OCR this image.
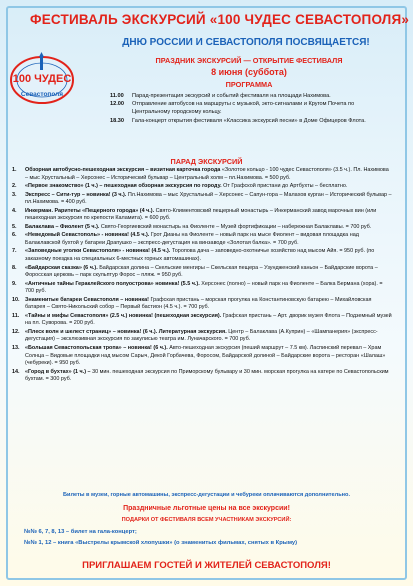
ФЕСТИВАЛЬ ЭКСКУРСИЙ «100 ЧУДЕС СЕВАСТОПОЛЯ»
ДНЮ РОССИИ И СЕВАСТОПОЛЯ ПОСВЯЩАЕТСЯ!
100 ЧУДЕС
Севастополя
ПРАЗДНИК ЭКСКУРСИЙ — ОТКРЫТИЕ ФЕСТИВАЛЯ
8 июня (суббота)
ПРОГРАММА
11.00	Парад-презентация экскурсий и событий фестиваля на площади Нахимова.
12.00	Отправление автобусов на маршруты с музыкой, экто-сигналами и Кругом Почета по Центральному городскому кольцу.
18.30	Гала-концерт открытия фестиваля «Классика экскурсий песни» в Доме Офицеров Флота.
ПАРАД ЭКСКУРСИЙ
1.	Обзорная автобусно-пешеходная экскурсия – визитная карточка города «Золотое кольцо - 100 чудес Севастополя» (3.5 ч.). Пл. Нахимова – мыс Хрустальный – Херсонес – Исторический бульвар – Центральный холм – пл.Нахимова. = 500 руб.
2.	«Первое знакомство» (1 ч.) – пешеходная обзорная экскурсия по городу. От Графской пристани до Артбухты – бесплатно.
3.	Экспресс – Сити-тур – новинка! (3 ч.). Пл.Нахимова – мыс Хрустальный – Херсонес – Сапун-гора – Малахов курган – Исторический бульвар – пл.Нахимова. = 400 руб.
4.	Инкерман. Раритеты «Пещерного города» (4 ч.). Свято-Климентовский пещерный монастырь – Инкерманский завод марочных вин (или пешеходная экскурсия по крепости Каламита). = 600 руб.
5.	Балаклава – Фиолент (5 ч.). Свято-Георгиевский монастырь на Фиоленте – Музей фортификации – набережная Балаклавы. = 700 руб.
6.	«Неведомый Севастополь» - новинка! (4.5 ч.). Грот Дианы на Фиоленте – новый парк на мысе Фиолент – видовая площадка над Балаклавской бухтой у батареи Драпушко – экспресс-дегустация на винзаводе «Золотая балка». = 700 руб.
7.	«Заповедные уголки Севастополя» - новинка! (4.5 ч.). Торопова дача – заповедно-охотничье хозяйство над мысом Айя. = 950 руб. (по заказному поездка на специальных 6-местных горных автомашинах).
8.	«Байдарская сказка» (6 ч.). Байдарская долина – Скельские менгиры – Скельская пещера – Узундженский каньон – Байдарские ворота – Форосская церковь – парк скульптур Форос – пляж. = 950 руб.
9.	«Античные тайны Гераклейского полуострова» новинка! (5.5 ч.). Херсонес (полно) – новый парк на Фиоленте – Балка Бермана (хора). = 700 руб.
10. Знаменитые батареи Севастополя – новинка! Графская пристань – морская прогулка на Константиновскую батарею – Михайловская батарея – Свято-Никольский собор – Первый бастион (4.5 ч.). = 700 руб.
11.	«Тайны и мифы Севастополя» (2.5 ч.) новинка! (пешеходная экскурсия). Графская пристань – Арт. дворик музея Флота – Подземный музей на пл. Суворова. = 200 руб.
12. «Плеск волн и шелест страниц» – новинка! (6 ч.). Литературная экскурсия. Центр – Балаклава (А.Куприн) – «Шампанерия» (экспресс-дегустация) – эксклюзивная экскурсия по закулисью театра им. Луначарского. = 700 руб.
13. «Большая Севастопольская тропа» – новинка! (6 ч.). Авто-пешеходная экскурсия (пеший маршрут – 7.5 км). Ласпинский перевал – Храм Солнца – Видовые площадки над мысом Сарыч, Декой Горбачева, Форосом, Байдарской долиной – Байдарские ворота – ресторан «Шалаш» (чебуреки). = 950 руб.
14. «Город в бухтах» (1 ч.) – 30 мин. пешеходная экскурсия по Приморскому бульвару и 30 мин. морская прогулка на катере по Севастопольским бухтам. = 300 руб.
Билеты в музеи, горные автомашины, экспресс-дегустации и чебуреки оплачиваются дополнительно.
Праздничные льготные цены на все экскурсии!
ПОДАРКИ ОТ ФЕСТИВАЛЯ ВСЕМ УЧАСТНИКАМ ЭКСКУРСИЙ:
№№ 6, 7, 8, 13 – билет на гала-концерт;
№№ 1, 12 – книга «Выстрелы крымской хлопушки» (о знаменитых фильмах, снятых в Крыму)
ПРИГЛАШАЕМ ГОСТЕЙ И ЖИТЕЛЕЙ СЕВАСТОПОЛЯ!
